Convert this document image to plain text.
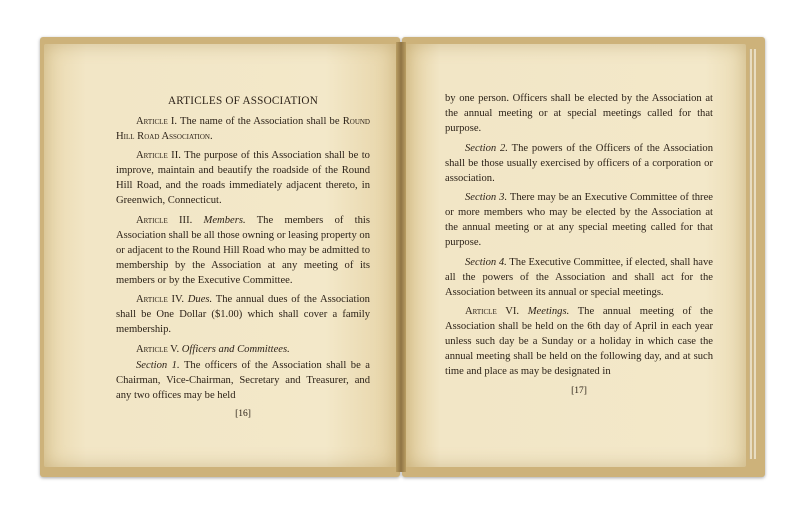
ARTICLES OF ASSOCIATION

Article I. The name of the Association shall be Round Hill Road Association.

Article II. The purpose of this Association shall be to improve, maintain and beautify the roadside of the Round Hill Road, and the roads immediately adjacent thereto, in Greenwich, Connecticut.

Article III. Members. The members of this Association shall be all those owning or leasing property on or adjacent to the Round Hill Road who may be admitted to membership by the Association at any meeting of its members or by the Executive Committee.

Article IV. Dues. The annual dues of the Association shall be One Dollar ($1.00) which shall cover a family membership.

Article V. Officers and Committees.

Section 1. The officers of the Association shall be a Chairman, Vice-Chairman, Secretary and Treasurer, and any two offices may be held

[16]

by one person. Officers shall be elected by the Association at the annual meeting or at special meetings called for that purpose.

Section 2. The powers of the Officers of the Association shall be those usually exercised by officers of a corporation or association.

Section 3. There may be an Executive Committee of three or more members who may be elected by the Association at the annual meeting or at any special meeting called for that purpose.

Section 4. The Executive Committee, if elected, shall have all the powers of the Association and shall act for the Association between its annual or special meetings.

Article VI. Meetings. The annual meeting of the Association shall be held on the 6th day of April in each year unless such day be a Sunday or a holiday in which case the annual meeting shall be held on the following day, and at such time and place as may be designated in

[17]
